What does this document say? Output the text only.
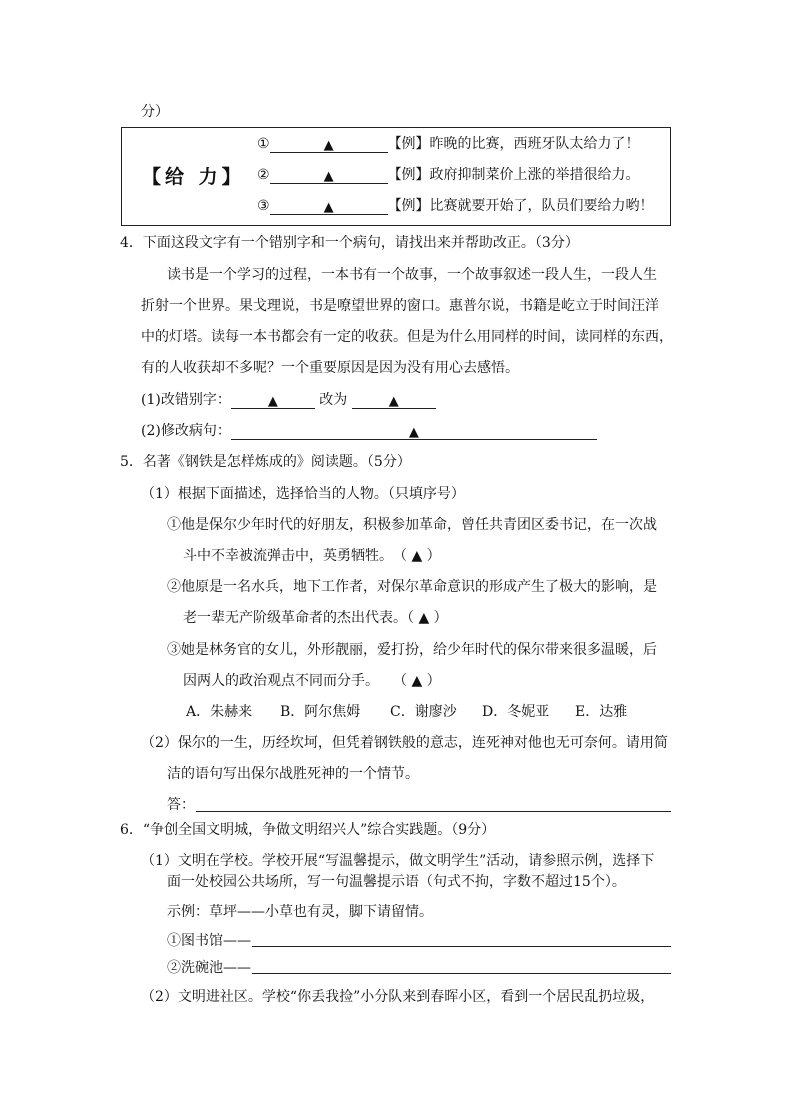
分）
【给 力】
①	▲	【例】昨晚的比赛，西班牙队太给力了！
②	▲	【例】政府抑制菜价上涨的举措很给力。
③	▲	【例】比赛就要开始了，队员们要给力哟！
4．下面这段文字有一个错别字和一个病句，请找出来并帮助改正。（3分）
读书是一个学习的过程，一本书有一个故事，一个故事叙述一段人生，一段人生
折射一个世界。果戈理说，书是嘹望世界的窗口。惠普尔说，书籍是屹立于时间汪洋
中的灯塔。读每一本书都会有一定的收获。但是为什么用同样的时间，读同样的东西，
有的人收获却不多呢？一个重要原因是因为没有用心去感悟。
(1)改错别字：	▲	改为	▲
(2)修改病句：	▲
5．名著《钢铁是怎样炼成的》阅读题。（5分）
（1）根据下面描述，选择恰当的人物。（只填序号）
①他是保尔少年时代的好朋友，积极参加革命，曾任共青团区委书记，在一次战
斗中不幸被流弹击中，英勇牺牲。　（ ▲ ）
②他原是一名水兵，地下工作者，对保尔革命意识的形成产生了极大的影响，是
老一辈无产阶级革命者的杰出代表。（ ▲ ）
③她是林务官的女儿，外形靓丽，爱打扮，给少年时代的保尔带来很多温暖，后
因两人的政治观点不同而分手。　　（ ▲ ）
A．朱赫来 B．阿尔焦姆 C．谢廖沙 D．冬妮亚 E．达雅
（2）保尔的一生，历经坎坷，但凭着钢铁般的意志，连死神对他也无可奈何。请用简
洁的语句写出保尔战胜死神的一个情节。
答：
6．“争创全国文明城，争做文明绍兴人”综合实践题。（9分）
（1）文明在学校。学校开展“写温馨提示，做文明学生”活动，请参照示例，选择下
面一处校园公共场所，写一句温馨提示语（句式不拘，字数不超过15个）。
示例：草坪——小草也有灵，脚下请留情。
①图书馆——
②洗碗池——
（2）文明进社区。学校“你丢我捡”小分队来到春晖小区，看到一个居民乱扔垃圾，
